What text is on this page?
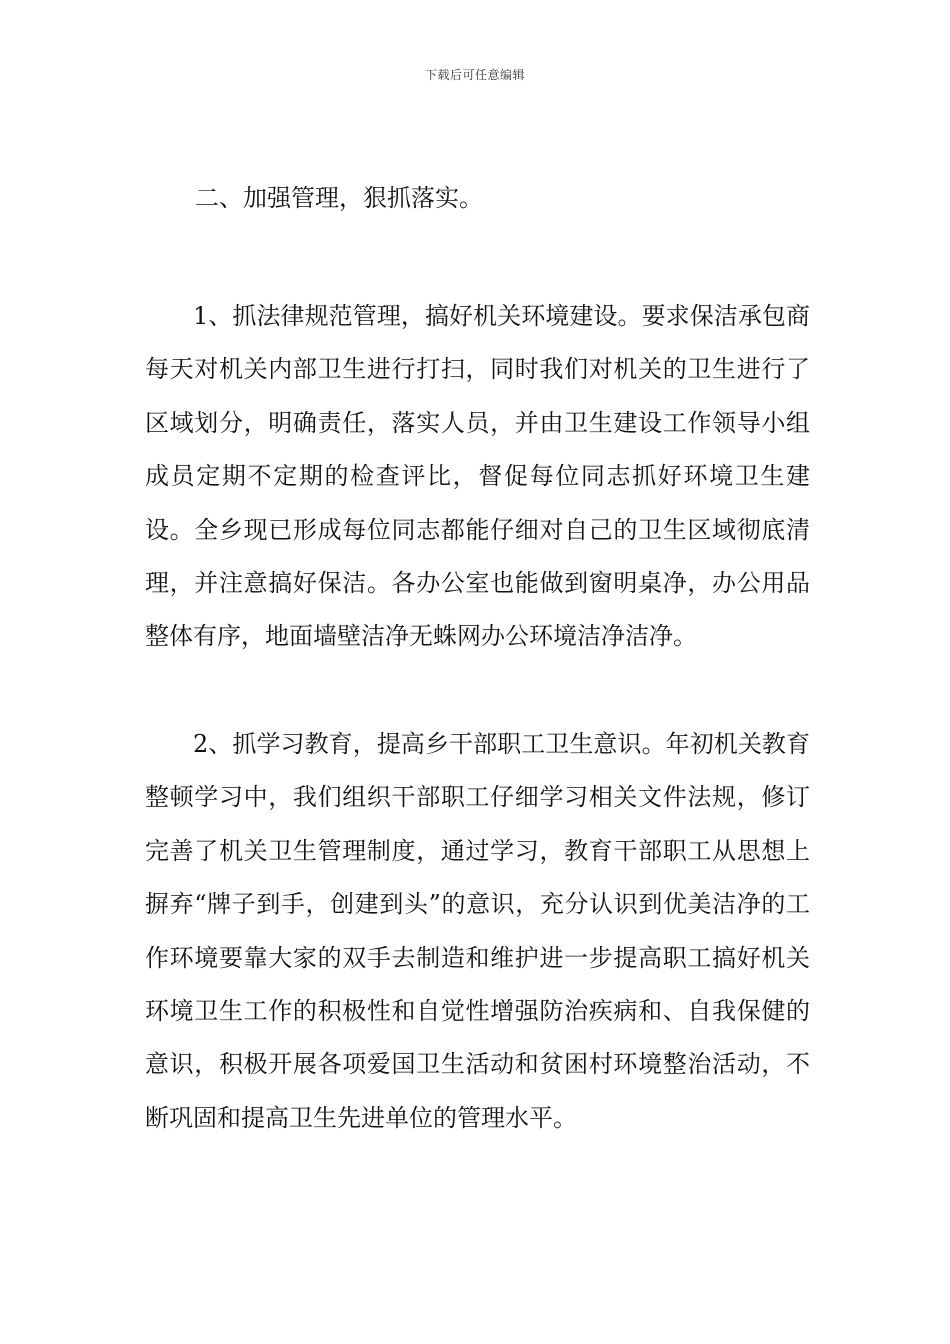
下载后可任意编辑
二、加强管理，狠抓落实。

1、抓法律规范管理，搞好机关环境建设。要求保洁承包商每天对机关内部卫生进行打扫，同时我们对机关的卫生进行了区域划分，明确责任，落实人员，并由卫生建设工作领导小组成员定期不定期的检查评比，督促每位同志抓好环境卫生建设。全乡现已形成每位同志都能仔细对自己的卫生区域彻底清理，并注意搞好保洁。各办公室也能做到窗明桌净，办公用品整体有序，地面墙壁洁净无蛛网办公环境洁净洁净。

2、抓学习教育，提高乡干部职工卫生意识。年初机关教育整顿学习中，我们组织干部职工仔细学习相关文件法规，修订完善了机关卫生管理制度，通过学习，教育干部职工从思想上摒弃“牌子到手，创建到头”的意识，充分认识到优美洁净的工作环境要靠大家的双手去制造和维护进一步提高职工搞好机关环境卫生工作的积极性和自觉性增强防治疾病和、自我保健的意识，积极开展各项爱国卫生活动和贫困村环境整治活动，不断巩固和提高卫生先进单位的管理水平。
